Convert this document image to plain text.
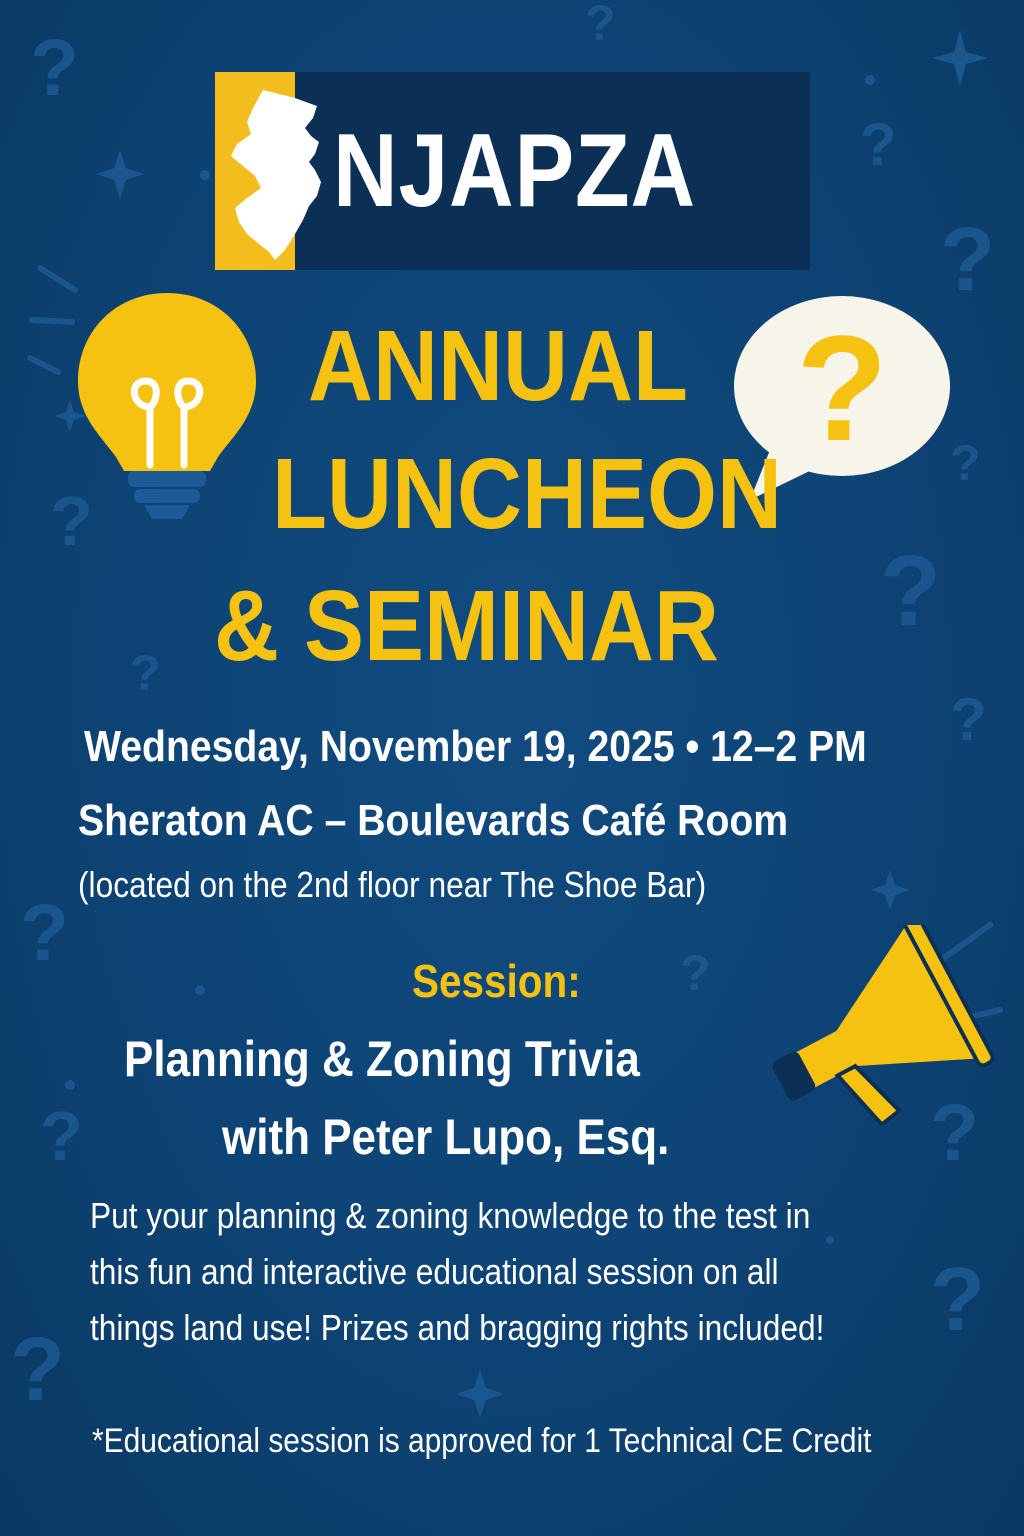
?	?
?
?
?
?
?
?
?
?
?
?
?
?
?
NJAPZA
?
ANNUAL
LUNCHEON
& SEMINAR
Wednesday, November 19, 2025 • 12–2 PM
Sheraton AC – Boulevards Café Room
(located on the 2nd floor near The Shoe Bar)
Session:
Planning & Zoning Trivia
with Peter Lupo, Esq.
Put your planning & zoning knowledge to the test in
this fun and interactive educational session on all
things land use! Prizes and bragging rights included!
*Educational session is approved for 1 Technical CE Credit
